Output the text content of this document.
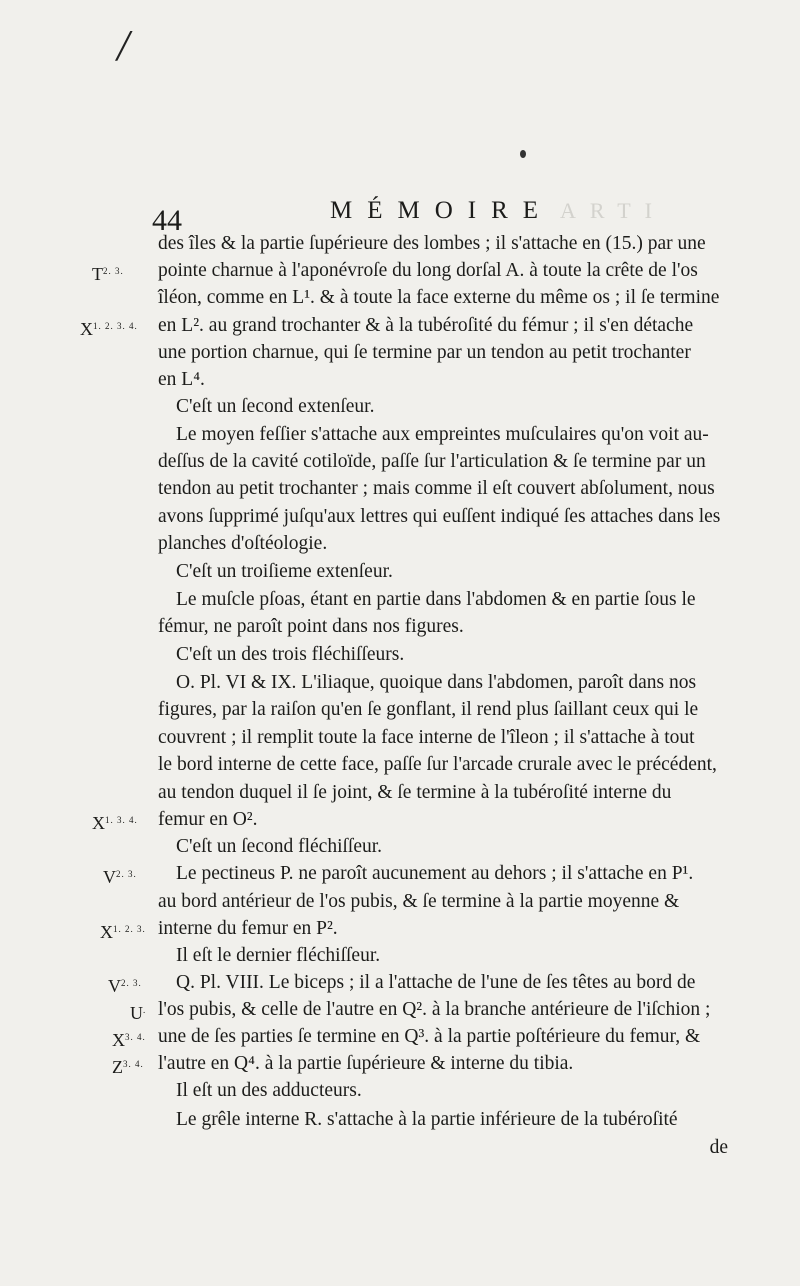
/
44	MÉMOIRE ARTI
des îles & la partie ſupérieure des lombes ; il s'attache en (15.) par une
pointe charnue à l'aponévroſe du long dorſal A. à toute la crête de l'os
îléon, comme en L¹. & à toute la face externe du même os ; il ſe termine
en L². au grand trochanter & à la tubéroſité du fémur ; il s'en détache
une portion charnue, qui ſe termine par un tendon au petit trochanter
en L⁴.
C'eſt un ſecond extenſeur.
Le moyen feſſier s'attache aux empreintes muſculaires qu'on voit au-
deſſus de la cavité cotiloïde, paſſe ſur l'articulation & ſe termine par un
tendon au petit trochanter ; mais comme il eſt couvert abſolument, nous
avons ſupprimé juſqu'aux lettres qui euſſent indiqué ſes attaches dans les
planches d'oſtéologie.
C'eſt un troiſieme extenſeur.
Le muſcle pſoas, étant en partie dans l'abdomen & en partie ſous le
fémur, ne paroît point dans nos figures.
C'eſt un des trois fléchiſſeurs.
O. Pl. VI & IX. L'iliaque, quoique dans l'abdomen, paroît dans nos
figures, par la raiſon qu'en ſe gonflant, il rend plus ſaillant ceux qui le
couvrent ; il remplit toute la face interne de l'îleon ; il s'attache à tout
le bord interne de cette face, paſſe ſur l'arcade crurale avec le précédent,
au tendon duquel il ſe joint, & ſe termine à la tubéroſité interne du
femur en O².
C'eſt un ſecond fléchiſſeur.
Le pectineus P. ne paroît aucunement au dehors ; il s'attache en P¹.
au bord antérieur de l'os pubis, & ſe termine à la partie moyenne &
interne du femur en P².
Il eſt le dernier fléchiſſeur.
Q. Pl. VIII. Le biceps ; il a l'attache de l'une de ſes têtes au bord de
l'os pubis, & celle de l'autre en Q². à la branche antérieure de l'iſchion ;
une de ſes parties ſe termine en Q³. à la partie poſtérieure du femur, &
l'autre en Q⁴. à la partie ſupérieure & interne du tibia.
Il eſt un des adducteurs.
Le grêle interne R. s'attache à la partie inférieure de la tubéroſité
de
$T^{2. 3.}$
$X^{1. 2. 3. 4.}$
$X^{1. 3. 4.}$
$V^{2. 3.}$
$X^{1. 2. 3.}$
$V^{2. 3.}$
U.
$X^{3. 4.}$
$Z^{3. 4.}$
